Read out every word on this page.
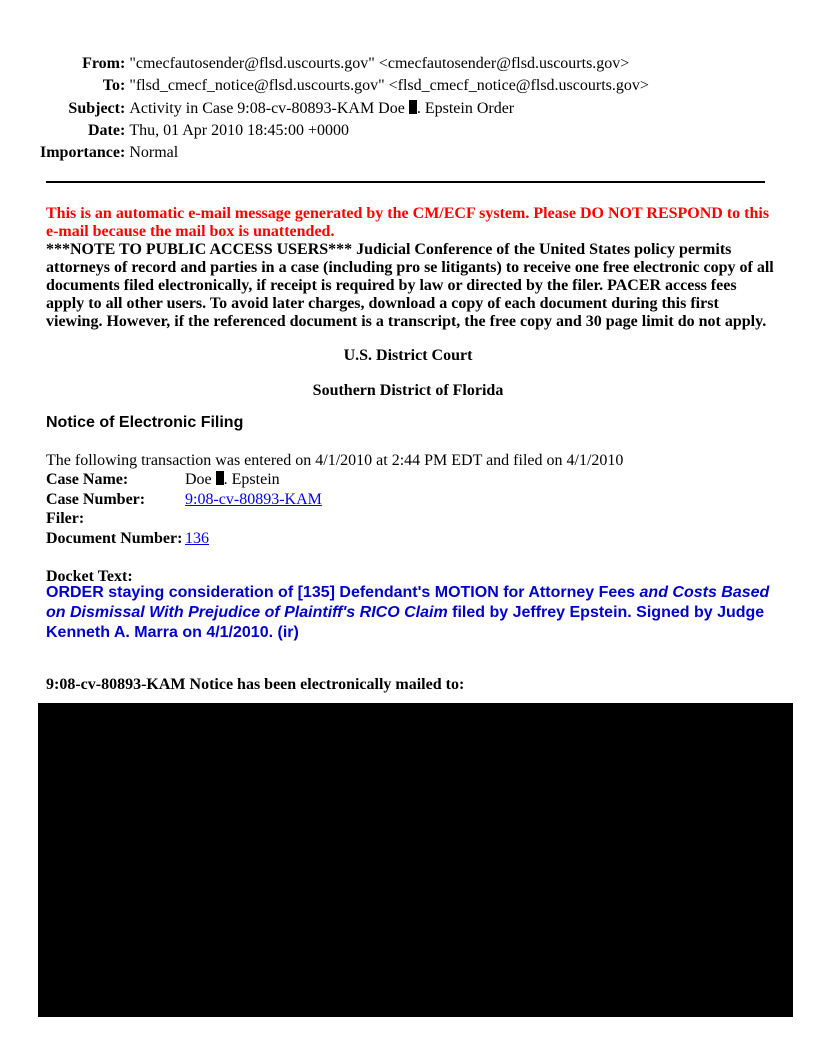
From:	"cmecfautosender@flsd.uscourts.gov" <cmecfautosender@flsd.uscourts.gov>
To:	"flsd_cmecf_notice@flsd.uscourts.gov" <flsd_cmecf_notice@flsd.uscourts.gov>
Subject:	Activity in Case 9:08-cv-80893-KAM Doe . Epstein Order
Date:	Thu, 01 Apr 2010 18:45:00 +0000
Importance:	Normal
This is an automatic e-mail message generated by the CM/ECF system. Please DO NOT RESPOND to this e-mail because the mail box is unattended.
***NOTE TO PUBLIC ACCESS USERS*** Judicial Conference of the United States policy permits attorneys of record and parties in a case (including pro se litigants) to receive one free electronic copy of all documents filed electronically, if receipt is required by law or directed by the filer. PACER access fees apply to all other users. To avoid later charges, download a copy of each document during this first viewing. However, if the referenced document is a transcript, the free copy and 30 page limit do not apply.
U.S. District Court
Southern District of Florida
Notice of Electronic Filing
The following transaction was entered on 4/1/2010 at 2:44 PM EDT and filed on 4/1/2010
Case Name:	Doe . Epstein
Case Number:	9:08-cv-80893-KAM
Filer:	
Document Number:	136
Docket Text:
ORDER staying consideration of [135] Defendant's MOTION for Attorney Fees and Costs Based on Dismissal With Prejudice of Plaintiff's RICO Claim filed by Jeffrey Epstein. Signed by Judge Kenneth A. Marra on 4/1/2010. (ir)
9:08-cv-80893-KAM Notice has been electronically mailed to:
